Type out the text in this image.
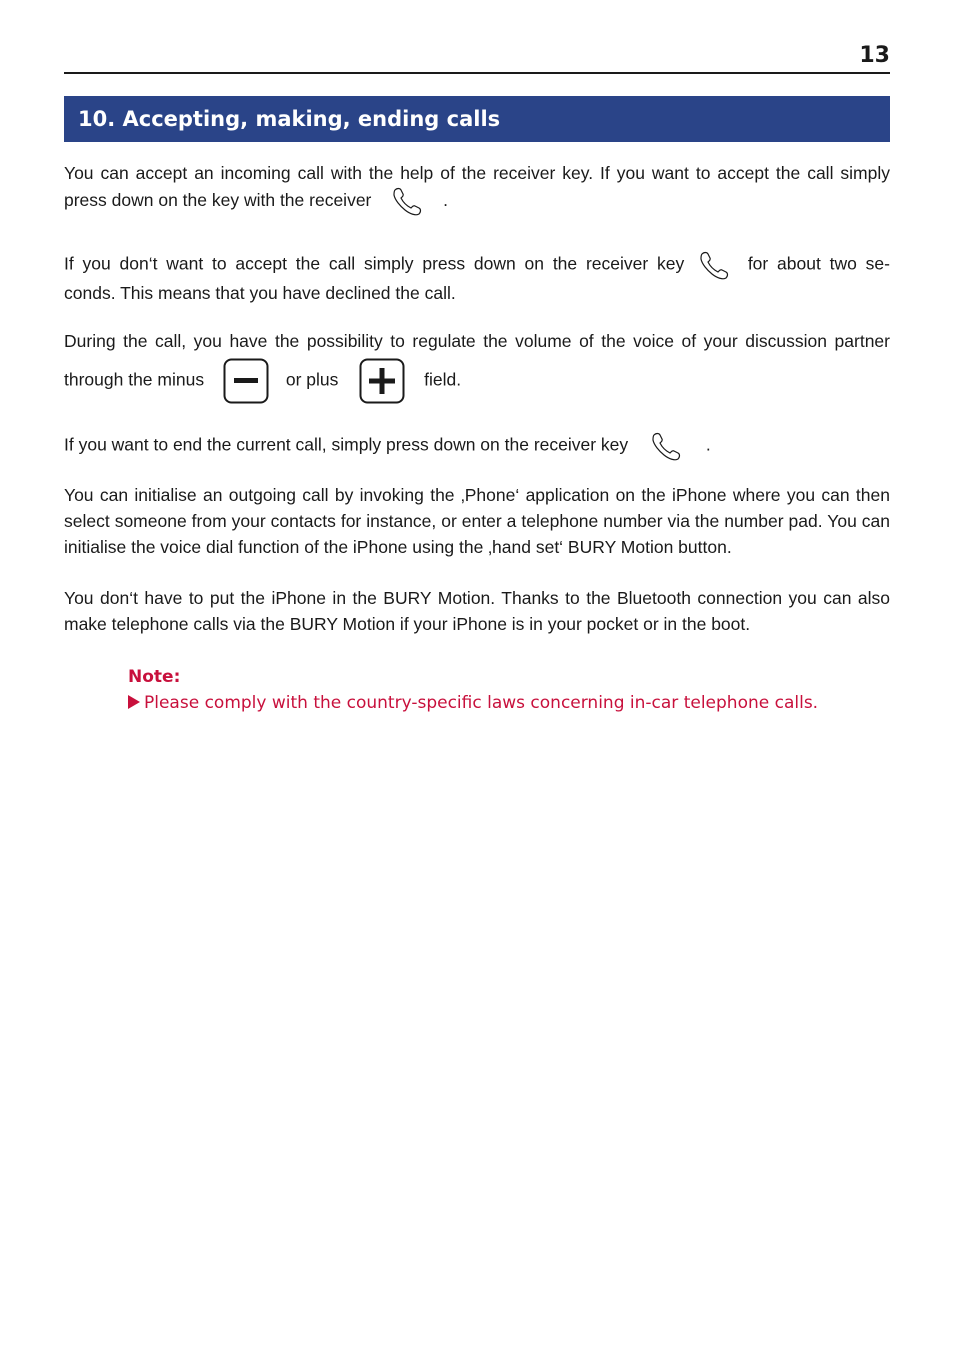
13
10. Accepting, making, ending calls
You can accept an incoming call with the help of the receiver key. If you want to accept the call simply
press down on the key with the receiver	.
If you don‘t want to accept the call simply press down on the receiver key	for about two se-
conds. This means that you have declined the call.
During the call, you have the possibility to regulate the volume of the voice of your discussion partner
through the minus	or plus	field.
If you want to end the current call, simply press down on the receiver key	.

You can initialise an outgoing call by invoking the ‚Phone‘ application on the iPhone where you can then select someone from your contacts for instance, or enter a telephone number via the number pad. You can initialise the voice dial function of the iPhone using the ‚hand set‘ BURY Motion button.

You don‘t have to put the iPhone in the BURY Motion. Thanks to the Bluetooth connection you can also make telephone calls via the BURY Motion if your iPhone is in your pocket or in the boot.

Note:
Please comply with the country-specific laws concerning in-car telephone calls.
